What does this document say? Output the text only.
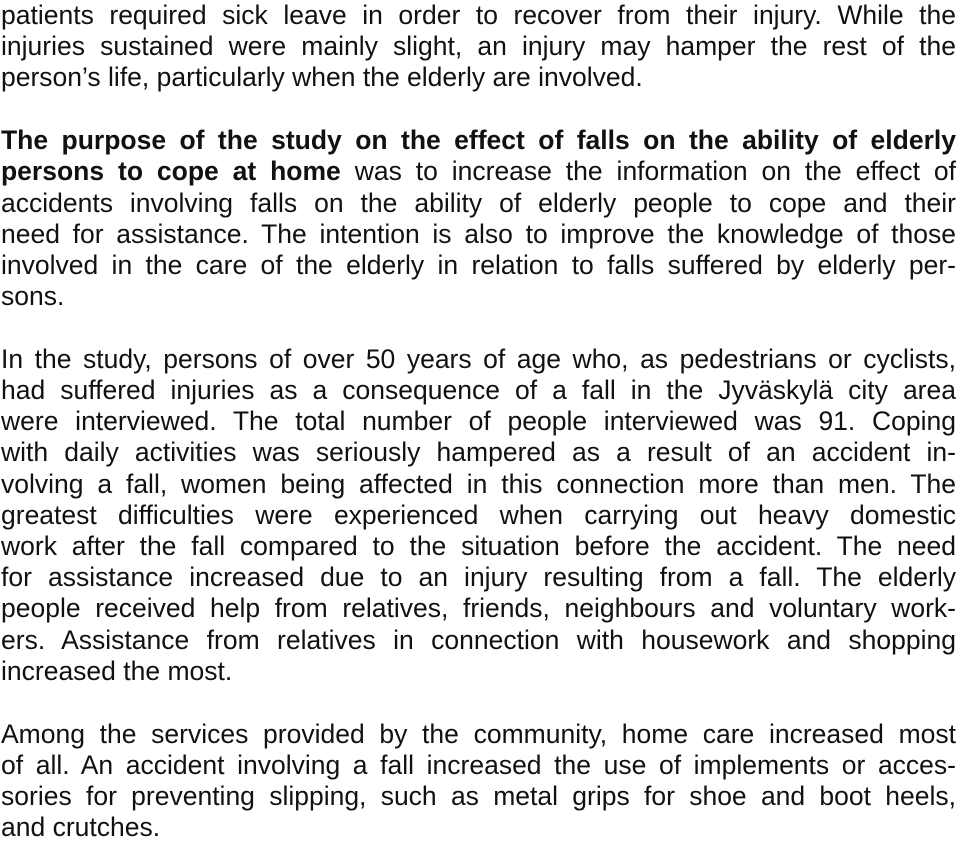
patients required sick leave in order to recover from their injury. While the
injuries sustained were mainly slight, an injury may hamper the rest of the
person’s life, particularly when the elderly are involved.
The purpose of the study on the effect of falls on the ability of elderly
persons to cope at home was to increase the information on the effect of
accidents involving falls on the ability of elderly people to cope and their
need for assistance. The intention is also to improve the knowledge of those
involved in the care of the elderly in relation to falls suffered by elderly per-
sons.
In the study, persons of over 50 years of age who, as pedestrians or cyclists,
had suffered injuries as a consequence of a fall in the Jyväskylä city area
were interviewed. The total number of people interviewed was 91. Coping
with daily activities was seriously hampered as a result of an accident in-
volving a fall, women being affected in this connection more than men. The
greatest difficulties were experienced when carrying out heavy domestic
work after the fall compared to the situation before the accident. The need
for assistance increased due to an injury resulting from a fall. The elderly
people received help from relatives, friends, neighbours and voluntary work-
ers. Assistance from relatives in connection with housework and shopping
increased the most.
Among the services provided by the community, home care increased most
of all. An accident involving a fall increased the use of implements or acces-
sories for preventing slipping, such as metal grips for shoe and boot heels,
and crutches.
